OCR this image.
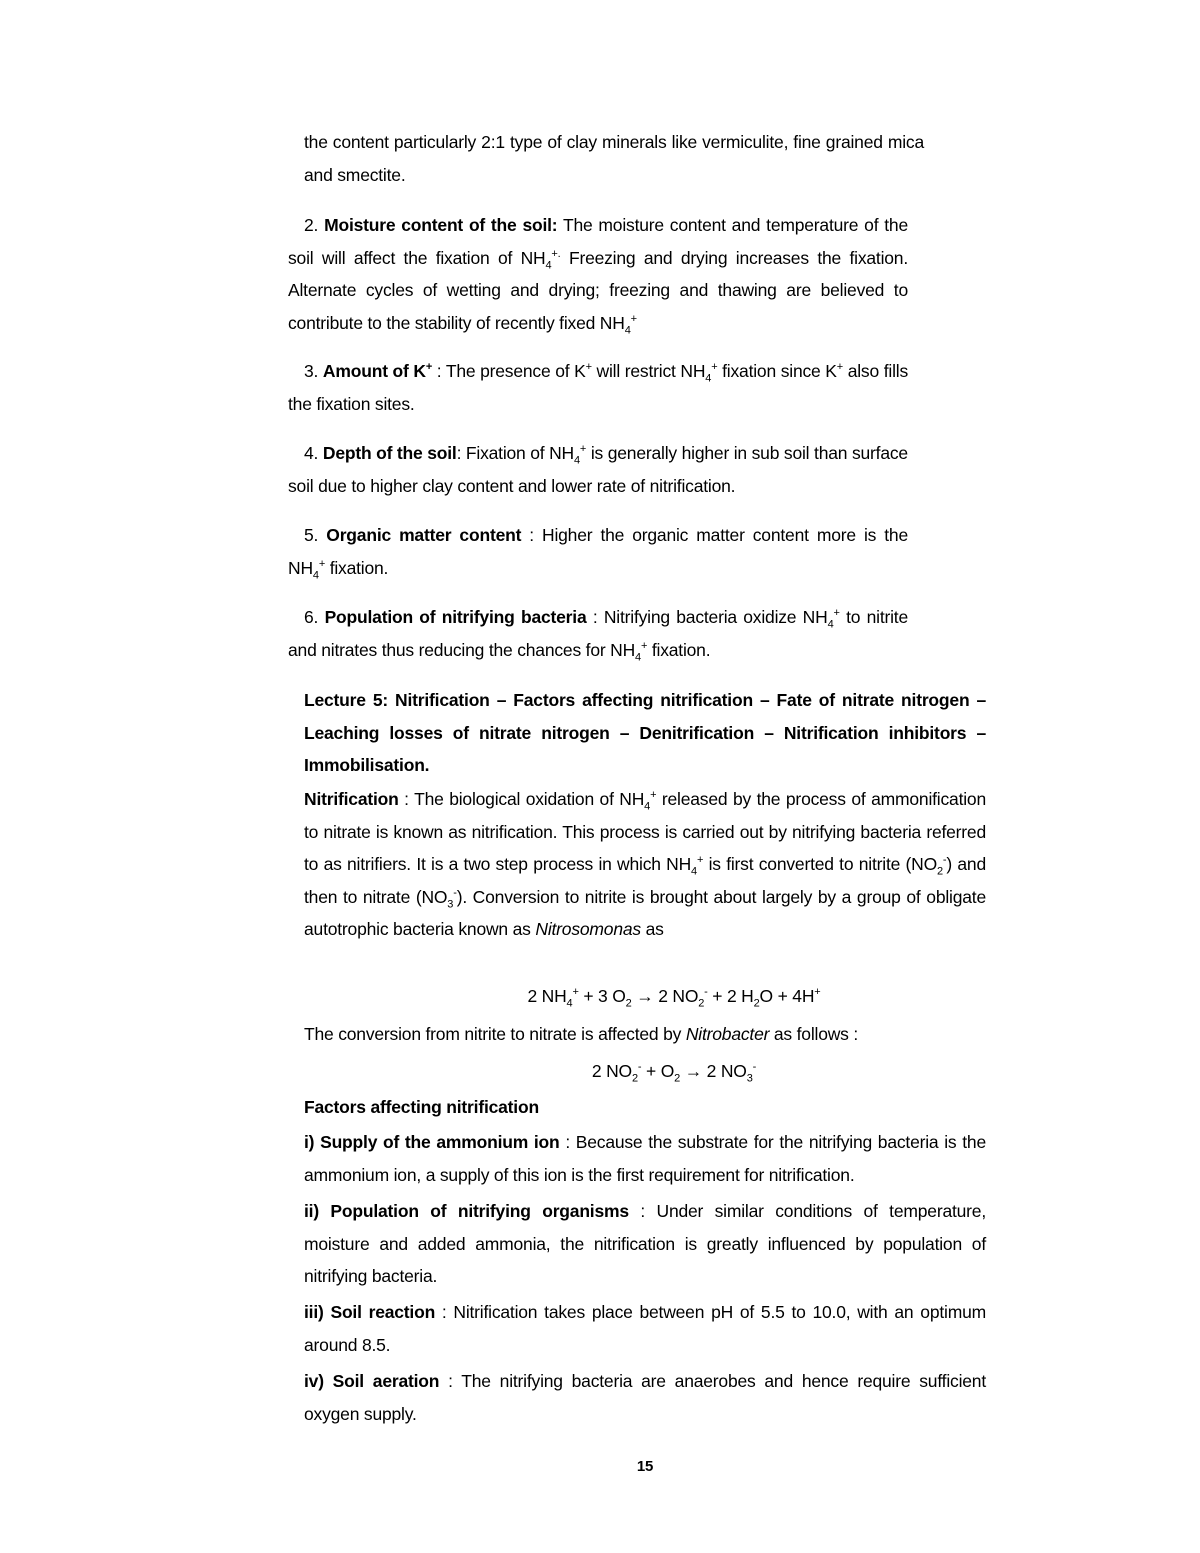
the content particularly 2:1 type of clay minerals like vermiculite, fine grained mica and smectite.
2. Moisture content of the soil: The moisture content and temperature of the soil will affect the fixation of $NH_4^{+.}$ Freezing and drying increases the fixation. Alternate cycles of wetting and drying; freezing and thawing are believed to contribute to the stability of recently fixed $NH_4^+$
3. Amount of K+ : The presence of K+ will restrict $NH_4^+$ fixation since K+ also fills the fixation sites.
4. Depth of the soil: Fixation of $NH_4^+$ is generally higher in sub soil than surface soil due to higher clay content and lower rate of nitrification.
5. Organic matter content : Higher the organic matter content more is the $NH_4^+$ fixation.
6. Population of nitrifying bacteria : Nitrifying bacteria oxidize $NH_4^+$ to nitrite and nitrates thus reducing the chances for $NH_4^+$ fixation.
Lecture 5: Nitrification – Factors affecting nitrification – Fate of nitrate nitrogen – Leaching losses of nitrate nitrogen – Denitrification – Nitrification inhibitors – Immobilisation.
Nitrification : The biological oxidation of $NH_4^+$ released by the process of ammonification to nitrate is known as nitrification. This process is carried out by nitrifying bacteria referred to as nitrifiers. It is a two step process in which $NH_4^+$ is first converted to nitrite $(NO_2^-)$ and then to nitrate $(NO_3^-)$. Conversion to nitrite is brought about largely by a group of obligate autotrophic bacteria known as Nitrosomonas as
2 $NH_4^+ + 3$ $O_2 \to 2$ $NO_2^- + 2$ $H_2O + 4H^+$
The conversion from nitrite to nitrate is affected by Nitrobacter as follows :
2 $NO_2^- + O_2 \to 2$ $NO_3^-$
Factors affecting nitrification
i) Supply of the ammonium ion : Because the substrate for the nitrifying bacteria is the ammonium ion, a supply of this ion is the first requirement for nitrification.
ii) Population of nitrifying organisms : Under similar conditions of temperature, moisture and added ammonia, the nitrification is greatly influenced by population of nitrifying bacteria.
iii) Soil reaction : Nitrification takes place between pH of 5.5 to 10.0, with an optimum around 8.5.
iv) Soil aeration : The nitrifying bacteria are anaerobes and hence require sufficient oxygen supply.
15
